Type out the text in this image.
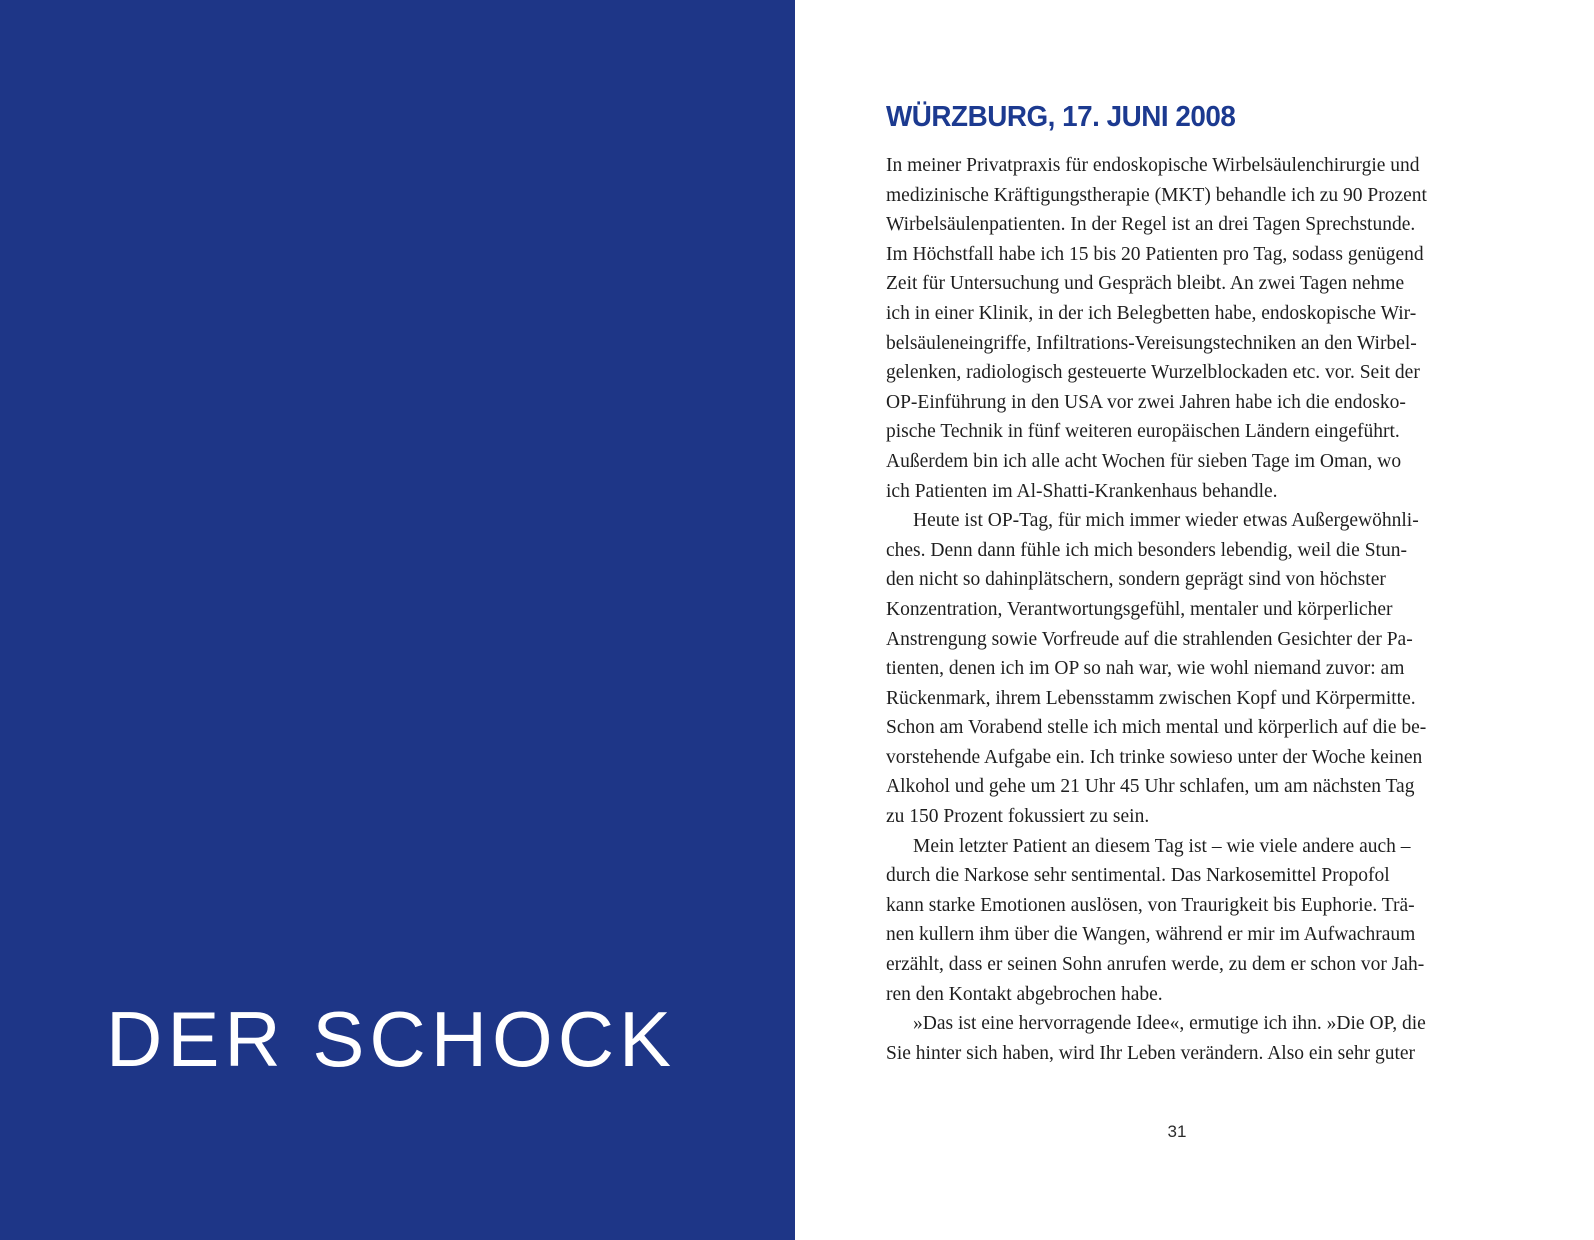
DER SCHOCK
WÜRZBURG, 17. JUNI 2008
In meiner Privatpraxis für endoskopische Wirbelsäulenchirurgie und
medizinische Kräftigungstherapie (MKT) behandle ich zu 90 Prozent
Wirbelsäulenpatienten. In der Regel ist an drei Tagen Sprechstunde.
Im Höchstfall habe ich 15 bis 20 Patienten pro Tag, sodass genügend
Zeit für Untersuchung und Gespräch bleibt. An zwei Tagen nehme
ich in einer Klinik, in der ich Belegbetten habe, endoskopische Wir-
belsäuleneingriffe, Infiltrations-Vereisungstechniken an den Wirbel-
gelenken, radiologisch gesteuerte Wurzelblockaden etc. vor. Seit der
OP-Einführung in den USA vor zwei Jahren habe ich die endosko-
pische Technik in fünf weiteren europäischen Ländern eingeführt.
Außerdem bin ich alle acht Wochen für sieben Tage im Oman, wo
ich Patienten im Al-Shatti-Krankenhaus behandle.
Heute ist OP-Tag, für mich immer wieder etwas Außergewöhnli-
ches. Denn dann fühle ich mich besonders lebendig, weil die Stun-
den nicht so dahinplätschern, sondern geprägt sind von höchster
Konzentration, Verantwortungsgefühl, mentaler und körperlicher
Anstrengung sowie Vorfreude auf die strahlenden Gesichter der Pa-
tienten, denen ich im OP so nah war, wie wohl niemand zuvor: am
Rückenmark, ihrem Lebensstamm zwischen Kopf und Körpermitte.
Schon am Vorabend stelle ich mich mental und körperlich auf die be-
vorstehende Aufgabe ein. Ich trinke sowieso unter der Woche keinen
Alkohol und gehe um 21 Uhr 45 Uhr schlafen, um am nächsten Tag
zu 150 Prozent fokussiert zu sein.
Mein letzter Patient an diesem Tag ist – wie viele andere auch –
durch die Narkose sehr sentimental. Das Narkosemittel Propofol
kann starke Emotionen auslösen, von Traurigkeit bis Euphorie. Trä-
nen kullern ihm über die Wangen, während er mir im Aufwachraum
erzählt, dass er seinen Sohn anrufen werde, zu dem er schon vor Jah-
ren den Kontakt abgebrochen habe.
»Das ist eine hervorragende Idee«, ermutige ich ihn. »Die OP, die
Sie hinter sich haben, wird Ihr Leben verändern. Also ein sehr guter
31
